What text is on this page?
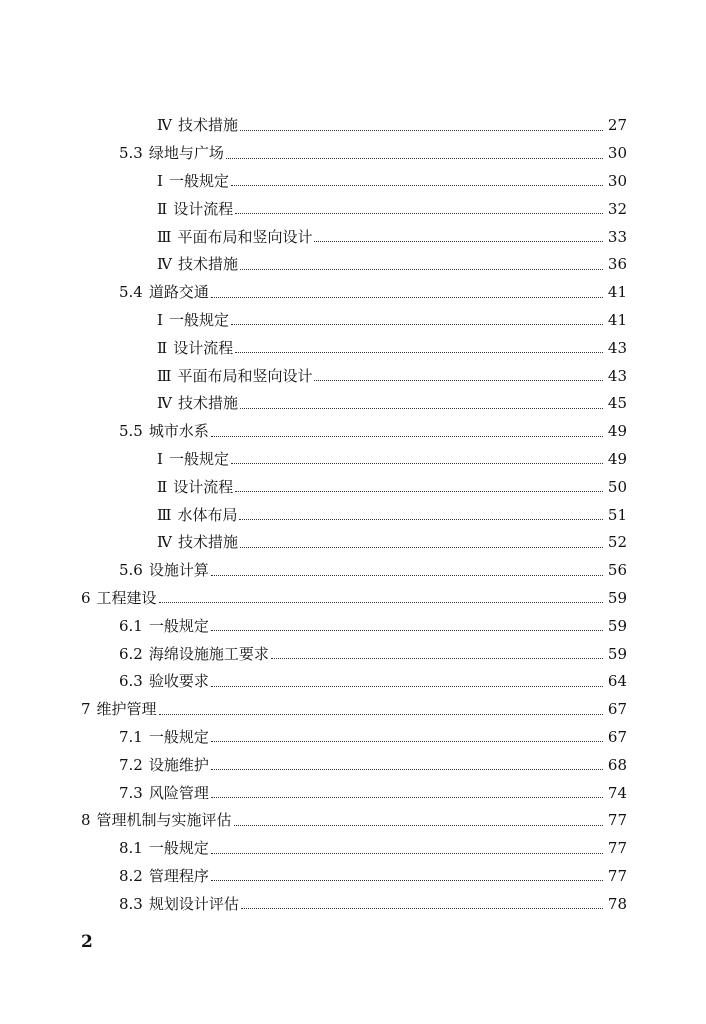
Ⅳ 技术措施	27
5.3 绿地与广场	30
Ⅰ 一般规定	30
Ⅱ 设计流程	32
Ⅲ 平面布局和竖向设计	33
Ⅳ 技术措施	36
5.4 道路交通	41
I 一般规定	41
Ⅱ 设计流程	43
Ⅲ 平面布局和竖向设计	43
Ⅳ 技术措施	45
5.5 城市水系	49
Ⅰ 一般规定	49
Ⅱ 设计流程	50
Ⅲ 水体布局	51
Ⅳ 技术措施	52
5.6 设施计算	56
6 工程建设	59
6.1 一般规定	59
6.2 海绵设施施工要求	59
6.3 验收要求	64
7 维护管理	67
7.1 一般规定	67
7.2 设施维护	68
7.3 风险管理	74
8 管理机制与实施评估	77
8.1 一般规定	77
8.2 管理程序	77
8.3 规划设计评估	78
2
